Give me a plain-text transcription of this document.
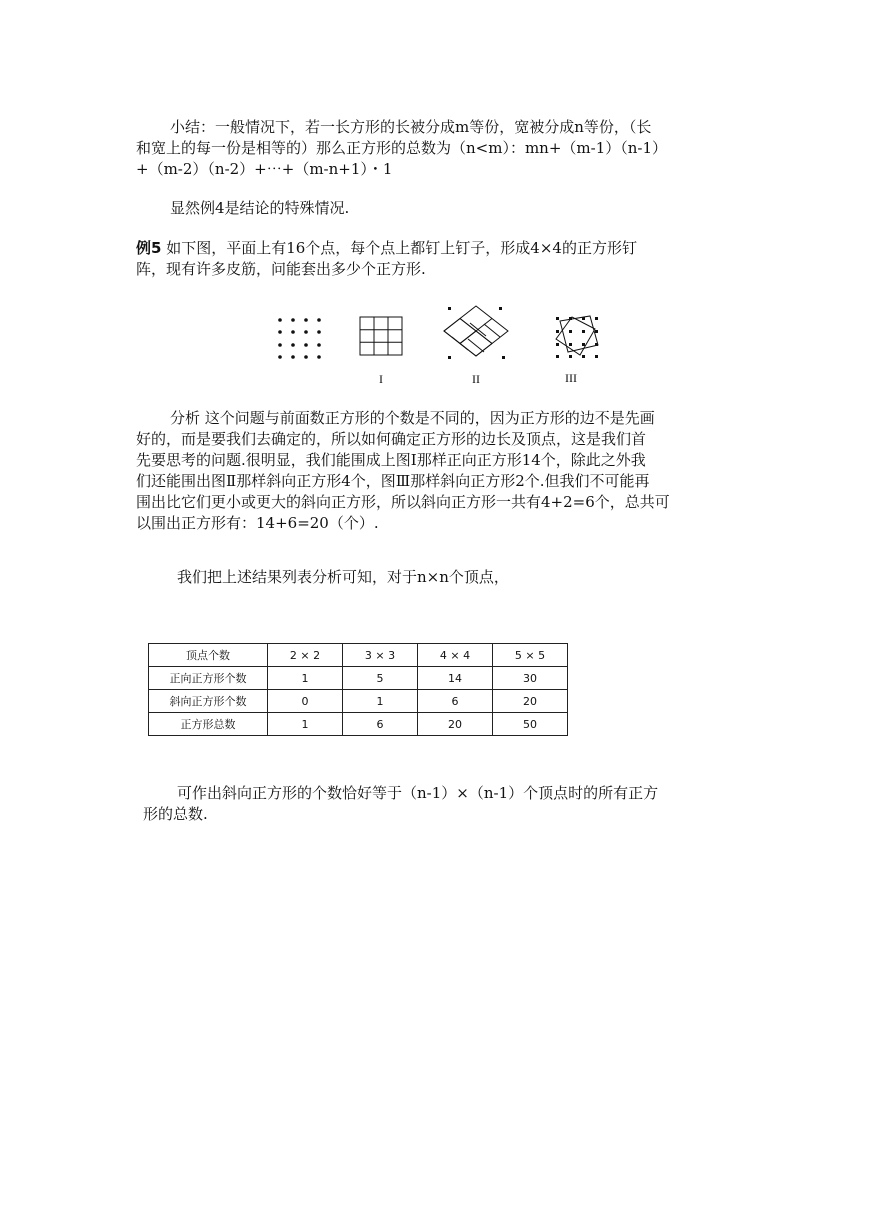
小结：一般情况下，若一长方形的长被分成m等份，宽被分成n等份，（长

和宽上的每一份是相等的）那么正方形的总数为（n<m）：mn+（m-1）（n-1）

+（m-2）（n-2）+⋯+（m-n+1）・1

显然例4是结论的特殊情况.

例5 如下图，平面上有16个点，每个点上都钉上钉子，形成4×4的正方形钉

阵，现有许多皮筋，问能套出多少个正方形.

I	II	III

分析 这个问题与前面数正方形的个数是不同的，因为正方形的边不是先画

好的，而是要我们去确定的，所以如何确定正方形的边长及顶点，这是我们首

先要思考的问题.很明显，我们能围成上图Ⅰ那样正向正方形14个，除此之外我

们还能围出图Ⅱ那样斜向正方形4个，图Ⅲ那样斜向正方形2个.但我们不可能再

围出比它们更小或更大的斜向正方形，所以斜向正方形一共有4+2=6个，总共可

以围出正方形有：14+6=20（个）.

我们把上述结果列表分析可知，对于n×n个顶点，

顶点个数	2 × 2	3 × 3	4 × 4	5 × 5
正向正方形个数	1	5	14	30
斜向正方形个数	0	1	6	20
正方形总数	1	6	20	50

可作出斜向正方形的个数恰好等于（n-1）×（n-1）个顶点时的所有正方

形的总数.
